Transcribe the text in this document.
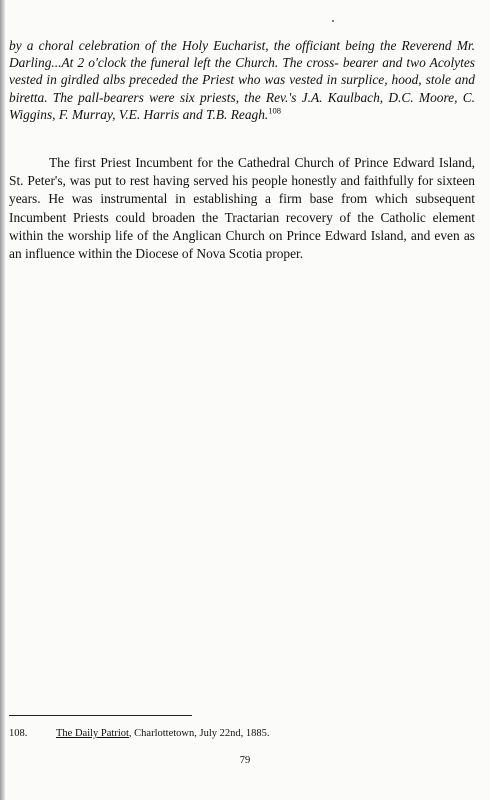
by a choral celebration of the Holy Eucharist, the officiant being the Reverend Mr. Darling...At 2 o'clock the funeral left the Church. The cross- bearer and two Acolytes vested in girdled albs preceded the Priest who was vested in surplice, hood, stole and biretta. The pall-bearers were six priests, the Rev.'s J.A. Kaulbach, D.C. Moore, C. Wiggins, F. Murray, V.E. Harris and T.B. Reagh.$^{108}$
The first Priest Incumbent for the Cathedral Church of Prince Edward Island, St. Peter's, was put to rest having served his people honestly and faithfully for sixteen years. He was instrumental in establishing a firm base from which subsequent Incumbent Priests could broaden the Tractarian recovery of the Catholic element within the worship life of the Anglican Church on Prince Edward Island, and even as an influence within the Diocese of Nova Scotia proper.
108.	The Daily Patriot, Charlottetown, July 22nd, 1885.
79
